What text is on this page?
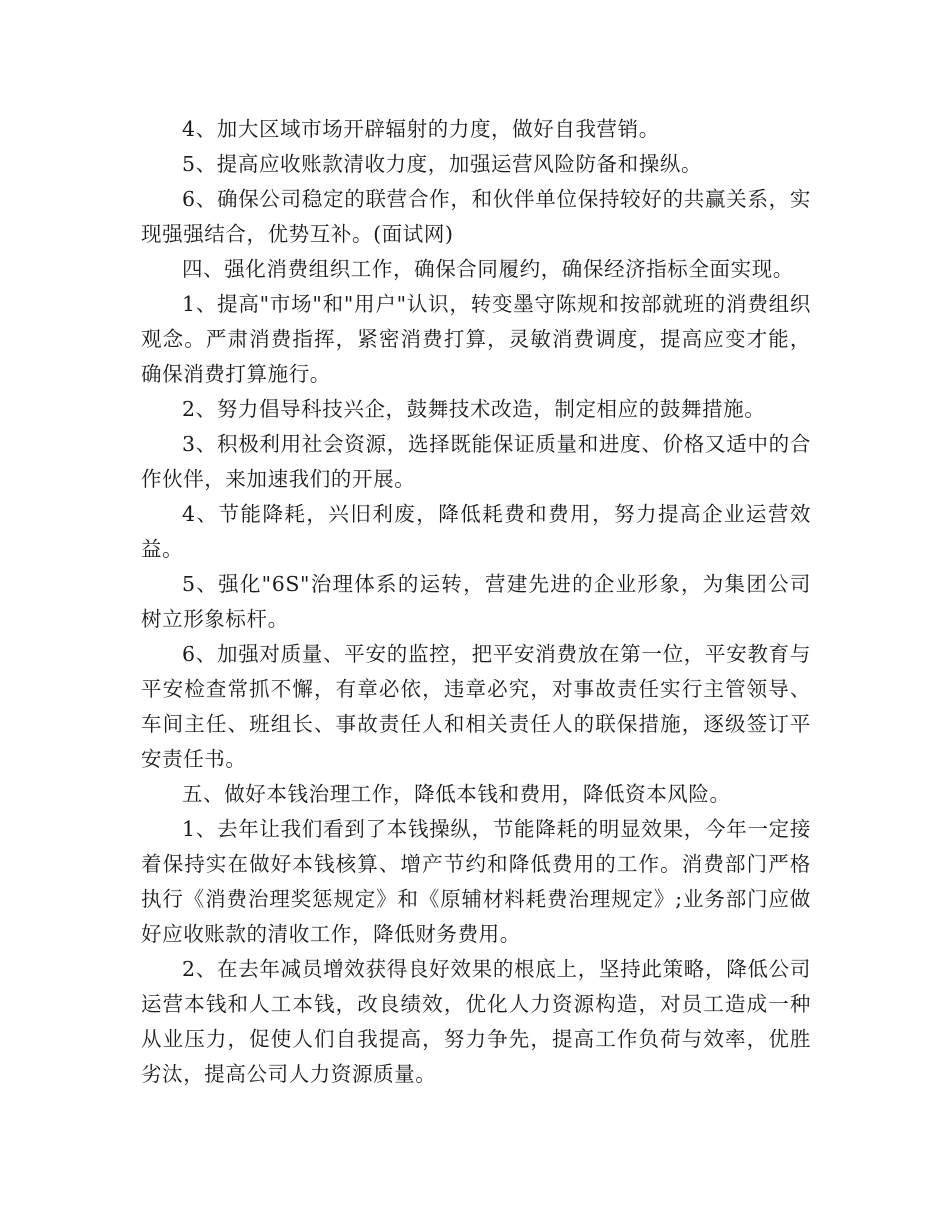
4、加大区域市场开辟辐射的力度，做好自我营销。

5、提高应收账款清收力度，加强运营风险防备和操纵。

6、确保公司稳定的联营合作，和伙伴单位保持较好的共赢关系，实现强强结合，优势互补。(面试网)

四、强化消费组织工作，确保合同履约，确保经济指标全面实现。

1、提高"市场"和"用户"认识，转变墨守陈规和按部就班的消费组织观念。严肃消费指挥，紧密消费打算，灵敏消费调度，提高应变才能，确保消费打算施行。

2、努力倡导科技兴企，鼓舞技术改造，制定相应的鼓舞措施。

3、积极利用社会资源，选择既能保证质量和进度、价格又适中的合作伙伴，来加速我们的开展。

4、节能降耗，兴旧利废，降低耗费和费用，努力提高企业运营效益。

5、强化"6S"治理体系的运转，营建先进的企业形象，为集团公司树立形象标杆。

6、加强对质量、平安的监控，把平安消费放在第一位，平安教育与平安检查常抓不懈，有章必依，违章必究，对事故责任实行主管领导、车间主任、班组长、事故责任人和相关责任人的联保措施，逐级签订平安责任书。

五、做好本钱治理工作，降低本钱和费用，降低资本风险。

1、去年让我们看到了本钱操纵，节能降耗的明显效果，今年一定接着保持实在做好本钱核算、增产节约和降低费用的工作。消费部门严格执行《消费治理奖惩规定》和《原辅材料耗费治理规定》;业务部门应做好应收账款的清收工作，降低财务费用。

2、在去年减员增效获得良好效果的根底上，坚持此策略，降低公司运营本钱和人工本钱，改良绩效，优化人力资源构造，对员工造成一种从业压力，促使人们自我提高，努力争先，提高工作负荷与效率，优胜劣汰，提高公司人力资源质量。
